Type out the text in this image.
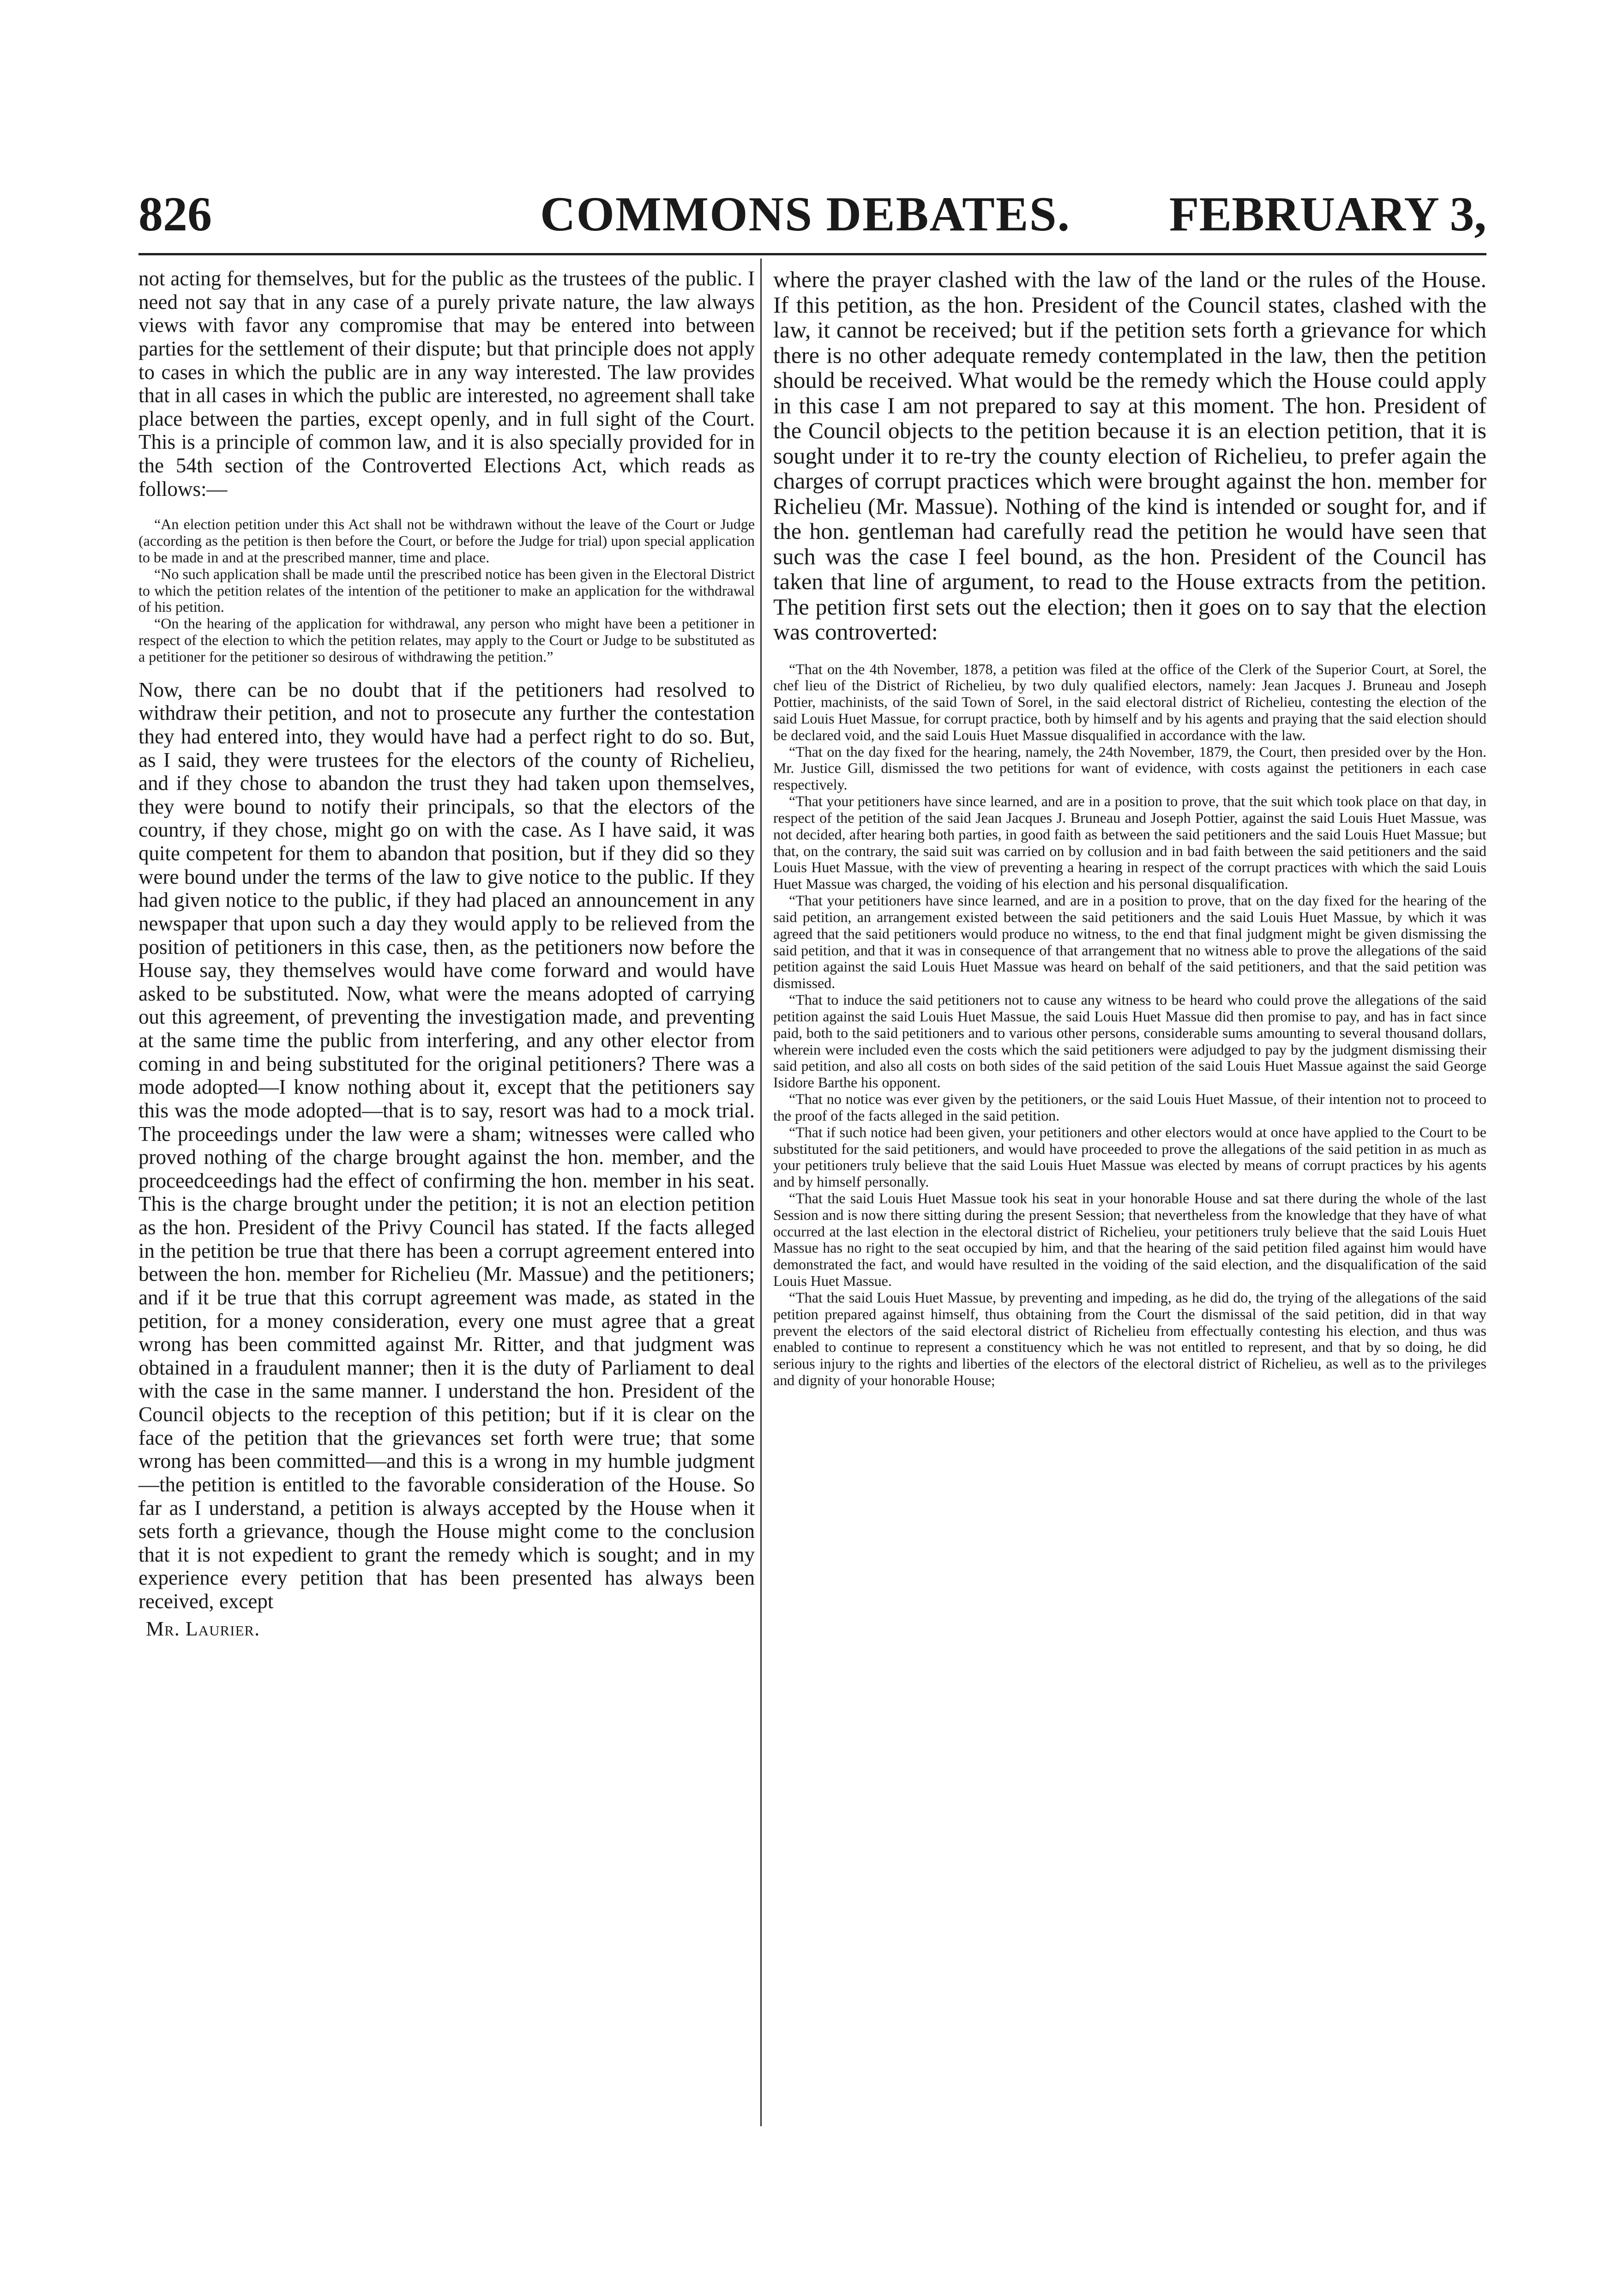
826	COMMONS DEBATES. FEBRUARY 3,

not acting for themselves, but for the public as the trustees of the public. I need not say that in any case of a purely private nature, the law always views with favor any compromise that may be entered into between parties for the settlement of their dispute; but that principle does not apply to cases in which the public are in any way interested. The law provides that in all cases in which the public are interested, no agreement shall take place between the parties, except openly, and in full sight of the Court. This is a principle of common law, and it is also specially provided for in the 54th section of the Controverted Elections Act, which reads as follows:—

“An election petition under this Act shall not be withdrawn without the leave of the Court or Judge (according as the petition is then before the Court, or before the Judge for trial) upon special application to be made in and at the prescribed manner, time and place.

“No such application shall be made until the prescribed notice has been given in the Electoral District to which the petition relates of the intention of the petitioner to make an application for the withdrawal of his petition.

“On the hearing of the application for withdrawal, any person who might have been a petitioner in respect of the election to which the petition relates, may apply to the Court or Judge to be substituted as a petitioner for the petitioner so desirous of withdrawing the petition.”

Now, there can be no doubt that if the petitioners had resolved to withdraw their petition, and not to prosecute any further the contestation they had entered into, they would have had a perfect right to do so. But, as I said, they were trustees for the electors of the county of Richelieu, and if they chose to abandon the trust they had taken upon themselves, they were bound to notify their principals, so that the electors of the country, if they chose, might go on with the case. As I have said, it was quite competent for them to abandon that position, but if they did so they were bound under the terms of the law to give notice to the public. If they had given notice to the public, if they had placed an announcement in any newspaper that upon such a day they would apply to be relieved from the position of petitioners in this case, then, as the petitioners now before the House say, they themselves would have come forward and would have asked to be substituted. Now, what were the means adopted of carrying out this agreement, of preventing the investigation made, and preventing at the same time the public from interfering, and any other elector from coming in and being substituted for the original petitioners? There was a mode adopted—I know nothing about it, except that the petitioners say this was the mode adopted—that is to say, resort was had to a mock trial. The proceedings under the law were a sham; witnesses were called who proved nothing of the charge brought against the hon. member, and the proceedceedings had the effect of confirming the hon. member in his seat. This is the charge brought under the petition; it is not an election petition as the hon. President of the Privy Council has stated. If the facts alleged in the petition be true that there has been a corrupt agreement entered into between the hon. member for Richelieu (Mr. Massue) and the petitioners; and if it be true that this corrupt agreement was made, as stated in the petition, for a money consideration, every one must agree that a great wrong has been committed against Mr. Ritter, and that judgment was obtained in a fraudulent manner; then it is the duty of Parliament to deal with the case in the same manner. I understand the hon. President of the Council objects to the reception of this petition; but if it is clear on the face of the petition that the grievances set forth were true; that some wrong has been committed—and this is a wrong in my humble judgment—the petition is entitled to the favorable consideration of the House. So far as I understand, a petition is always accepted by the House when it sets forth a grievance, though the House might come to the conclusion that it is not expedient to grant the remedy which is sought; and in my experience every petition that has been presented has always been received, except

Mr. Laurier.

where the prayer clashed with the law of the land or the rules of the House. If this petition, as the hon. President of the Council states, clashed with the law, it cannot be received; but if the petition sets forth a grievance for which there is no other adequate remedy contemplated in the law, then the petition should be received. What would be the remedy which the House could apply in this case I am not prepared to say at this moment. The hon. President of the Council objects to the petition because it is an election petition, that it is sought under it to re-try the county election of Richelieu, to prefer again the charges of corrupt practices which were brought against the hon. member for Richelieu (Mr. Massue). Nothing of the kind is intended or sought for, and if the hon. gentleman had carefully read the petition he would have seen that such was the case I feel bound, as the hon. President of the Council has taken that line of argument, to read to the House extracts from the petition. The petition first sets out the election; then it goes on to say that the election was controverted:

“That on the 4th November, 1878, a petition was filed at the office of the Clerk of the Superior Court, at Sorel, the chef lieu of the District of Richelieu, by two duly qualified electors, namely: Jean Jacques J. Bruneau and Joseph Pottier, machinists, of the said Town of Sorel, in the said electoral district of Richelieu, contesting the election of the said Louis Huet Massue, for corrupt practice, both by himself and by his agents and praying that the said election should be declared void, and the said Louis Huet Massue disqualified in accordance with the law.

“That on the day fixed for the hearing, namely, the 24th November, 1879, the Court, then presided over by the Hon. Mr. Justice Gill, dismissed the two petitions for want of evidence, with costs against the petitioners in each case respectively.

“That your petitioners have since learned, and are in a position to prove, that the suit which took place on that day, in respect of the petition of the said Jean Jacques J. Bruneau and Joseph Pottier, against the said Louis Huet Massue, was not decided, after hearing both parties, in good faith as between the said petitioners and the said Louis Huet Massue; but that, on the contrary, the said suit was carried on by collusion and in bad faith between the said petitioners and the said Louis Huet Massue, with the view of preventing a hearing in respect of the corrupt practices with which the said Louis Huet Massue was charged, the voiding of his election and his personal disqualification.

“That your petitioners have since learned, and are in a position to prove, that on the day fixed for the hearing of the said petition, an arrangement existed between the said petitioners and the said Louis Huet Massue, by which it was agreed that the said petitioners would produce no witness, to the end that final judgment might be given dismissing the said petition, and that it was in consequence of that arrangement that no witness able to prove the allegations of the said petition against the said Louis Huet Massue was heard on behalf of the said petitioners, and that the said petition was dismissed.

“That to induce the said petitioners not to cause any witness to be heard who could prove the allegations of the said petition against the said Louis Huet Massue, the said Louis Huet Massue did then promise to pay, and has in fact since paid, both to the said petitioners and to various other persons, considerable sums amounting to several thousand dollars, wherein were included even the costs which the said petitioners were adjudged to pay by the judgment dismissing their said petition, and also all costs on both sides of the said petition of the said Louis Huet Massue against the said George Isidore Barthe his opponent.

“That no notice was ever given by the petitioners, or the said Louis Huet Massue, of their intention not to proceed to the proof of the facts alleged in the said petition.

“That if such notice had been given, your petitioners and other electors would at once have applied to the Court to be substituted for the said petitioners, and would have proceeded to prove the allegations of the said petition in as much as your petitioners truly believe that the said Louis Huet Massue was elected by means of corrupt practices by his agents and by himself personally.

“That the said Louis Huet Massue took his seat in your honorable House and sat there during the whole of the last Session and is now there sitting during the present Session; that nevertheless from the knowledge that they have of what occurred at the last election in the electoral district of Richelieu, your petitioners truly believe that the said Louis Huet Massue has no right to the seat occupied by him, and that the hearing of the said petition filed against him would have demonstrated the fact, and would have resulted in the voiding of the said election, and the disqualification of the said Louis Huet Massue.

“That the said Louis Huet Massue, by preventing and impeding, as he did do, the trying of the allegations of the said petition prepared against himself, thus obtaining from the Court the dismissal of the said petition, did in that way prevent the electors of the said electoral district of Richelieu from effectually contesting his election, and thus was enabled to continue to represent a constituency which he was not entitled to represent, and that by so doing, he did serious injury to the rights and liberties of the electors of the electoral district of Richelieu, as well as to the privileges and dignity of your honorable House;
